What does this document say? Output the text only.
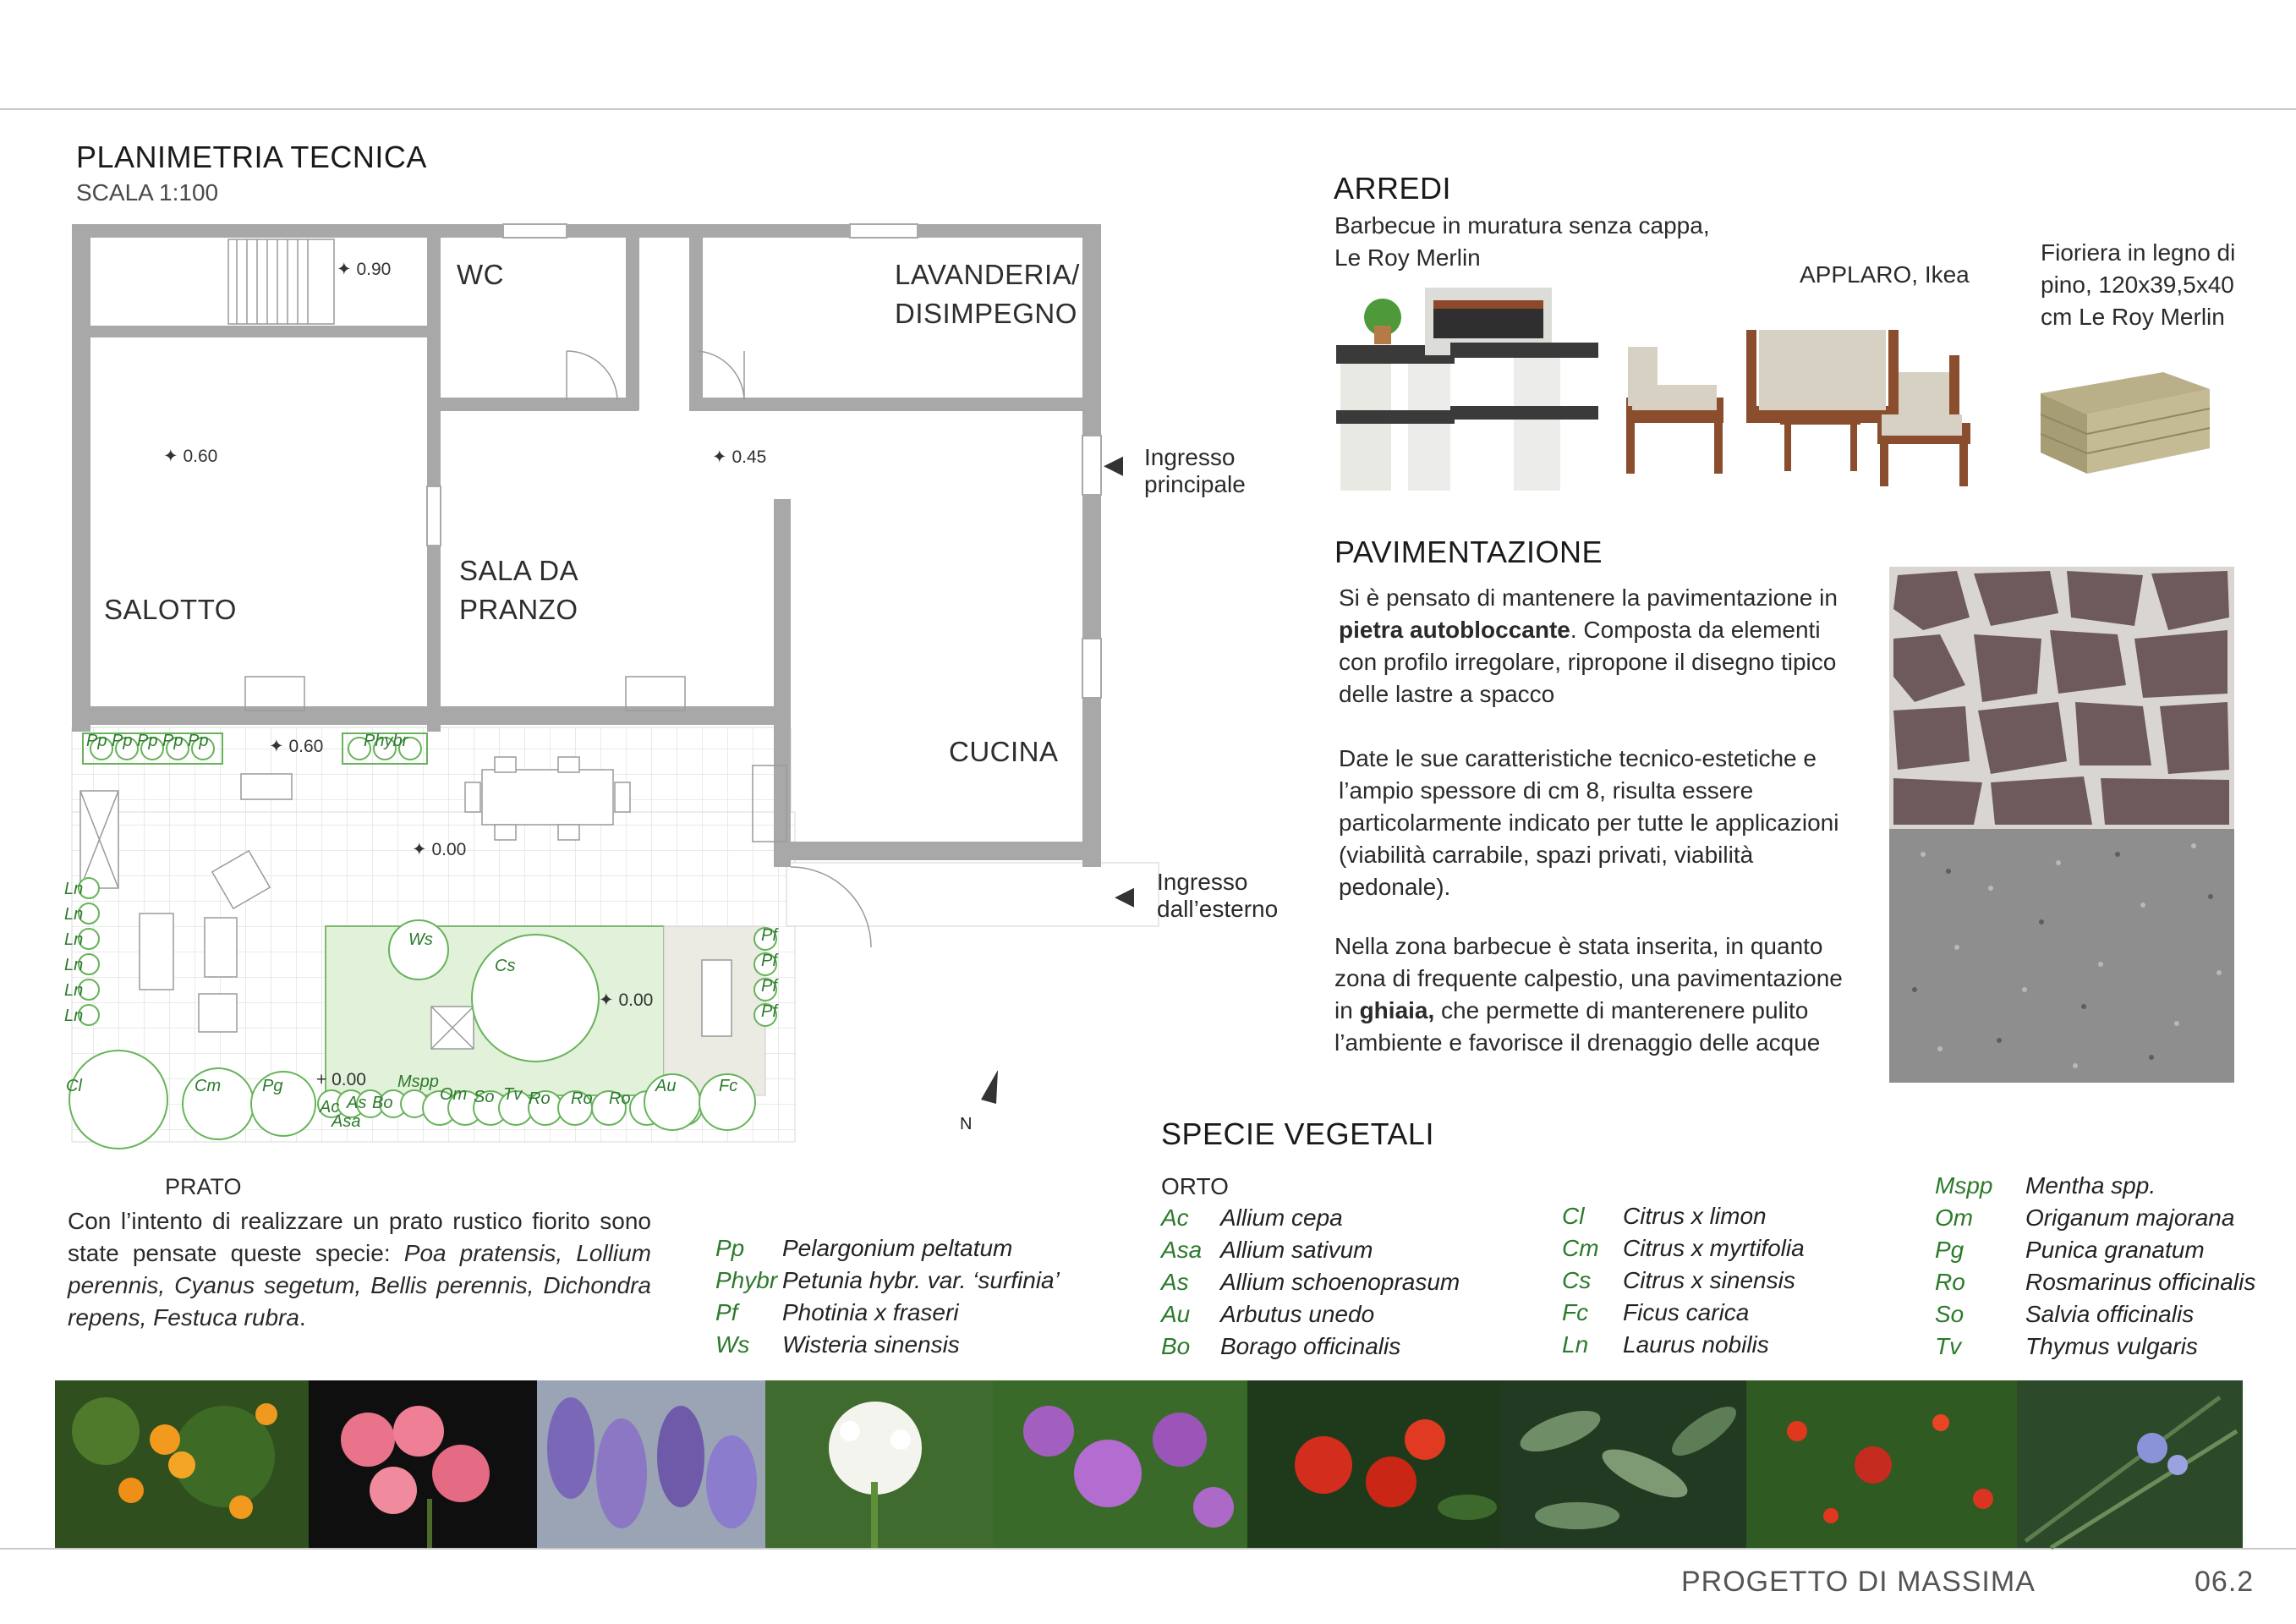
PLANIMETRIA TECNICA
SCALA 1:100
Pp Pp Pp Pp Pp	Phybr
Ln
Ln
Ln
Ln
Ln
Ln
Ws
Cs
Pf
Pf
Pf
Pf
Cl	Cm Pg	Mspp
Om So Tv Ro Ro Ro
Au	Fc
Ac As
Asa
Bo
WC	LAVANDERIA/ DISIMPEGNO
SALOTTO
SALA DA PRANZO
CUCINA
✦ 0.90
✦ 0.60	✦ 0.45
✦ 0.60
✦ 0.00
✦ 0.00
+ 0.00
◀ Ingresso principale
◀
Ingresso dall’esterno
N
ARREDI
Barbecue in muratura senza cappa, Le Roy Merlin
APPLARO, Ikea
Fioriera in legno di pino, 120x39,5x40 cm Le Roy Merlin
PAVIMENTAZIONE
Si è pensato di mantenere la pavimentazione in pietra autobloccante. Composta da elementi con profilo irregolare, ripropone il disegno tipico delle lastre a spacco
Date le sue caratteristiche tecnico-estetiche e l’ampio spessore di cm 8, risulta essere particolarmente indicato per tutte le applicazioni (viabilità carrabile, spazi privati, viabilità pedonale).
Nella zona barbecue è stata inserita, in quanto zona di frequente calpestio, una pavimentazione in ghiaia, che permette di manterenere pulito l’ambiente e favorisce il drenaggio delle acque
PRATO
Con l’intento di realizzare un prato rustico fiorito sono state pensate queste specie: Poa pratensis, Lollium perennis, Cyanus segetum, Bellis perennis, Dichondra repens, Festuca rubra.
Pp Pelargonium peltatum
Phybr Petunia hybr. var. ‘surfinia’
Pf Photinia x fraseri
Ws Wisteria sinensis
SPECIE VEGETALI
ORTO
Ac Allium cepa
Asa Allium sativum
As Allium schoenoprasum
Au Arbutus unedo
Bo Borago officinalis
Cl Citrus x limon
Cm Citrus x myrtifolia
Cs Citrus x sinensis
Fc Ficus carica
Ln Laurus nobilis
Mspp Mentha spp.
Om Origanum majorana
Pg	Punica granatum
Ro	Rosmarinus officinalis
So	Salvia officinalis
Tv	Thymus vulgaris
PROGETTO DI MASSIMA	06.2
